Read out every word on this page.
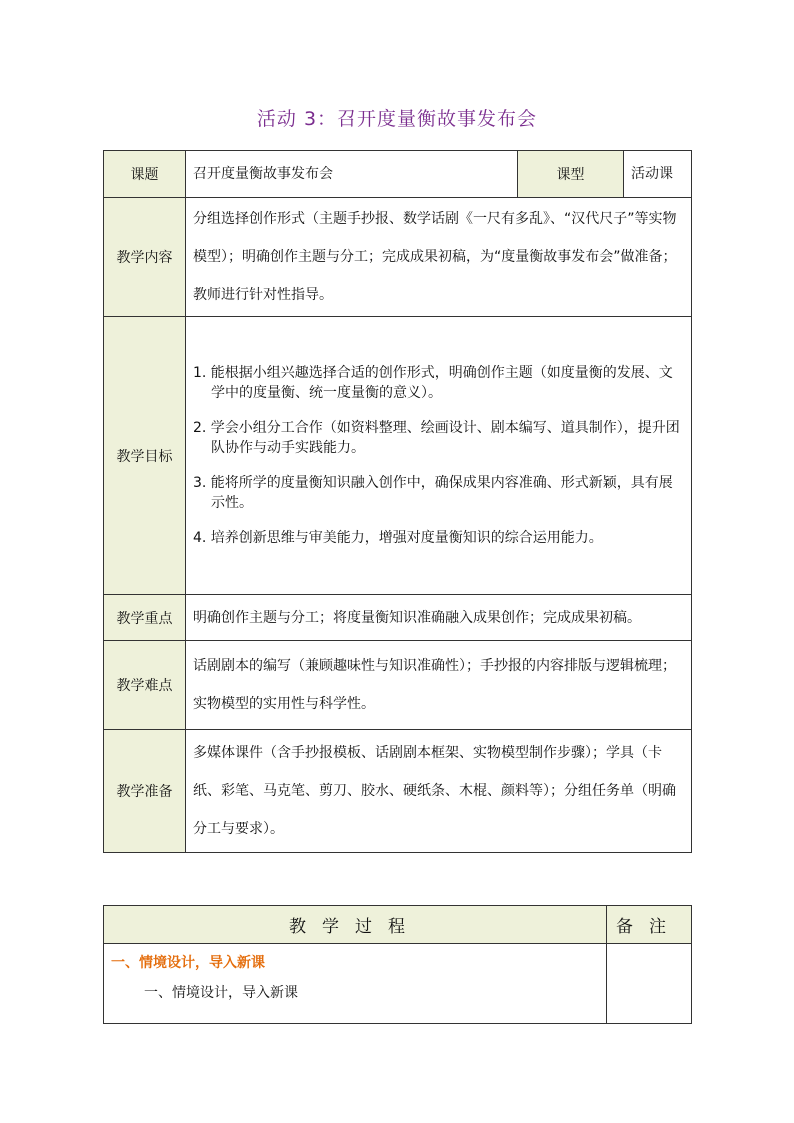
活动 3：召开度量衡故事发布会
课题	召开度量衡故事发布会	课型	活动课
教学内容	分组选择创作形式（主题手抄报、数学话剧《一尺有多乱》、“汉代尺子”等实物模型）；明确创作主题与分工；完成成果初稿，为“度量衡故事发布会”做准备；教师进行针对性指导。		
教学目标	1. 能根据小组兴趣选择合适的创作形式，明确创作主题（如度量衡的发展、文学中的度量衡、统一度量衡的意义）。

2. 学会小组分工合作（如资料整理、绘画设计、剧本编写、道具制作），提升团队协作与动手实践能力。

3. 能将所学的度量衡知识融入创作中，确保成果内容准确、形式新颖，具有展示性。

4. 培养创新思维与审美能力，增强对度量衡知识的综合运用能力。		

教学重点	明确创作主题与分工；将度量衡知识准确融入成果创作；完成成果初稿。		
教学难点	话剧剧本的编写（兼顾趣味性与知识准确性）；手抄报的内容排版与逻辑梳理；实物模型的实用性与科学性。		
教学准备	多媒体课件（含手抄报模板、话剧剧本框架、实物模型制作步骤）；学具（卡纸、彩笔、马克笔、剪刀、胶水、硬纸条、木棍、颜料等）；分组任务单（明确分工与要求）。		
教学过程	备注

一、情境设计，导入新课
一、情境设计，导入新课	
